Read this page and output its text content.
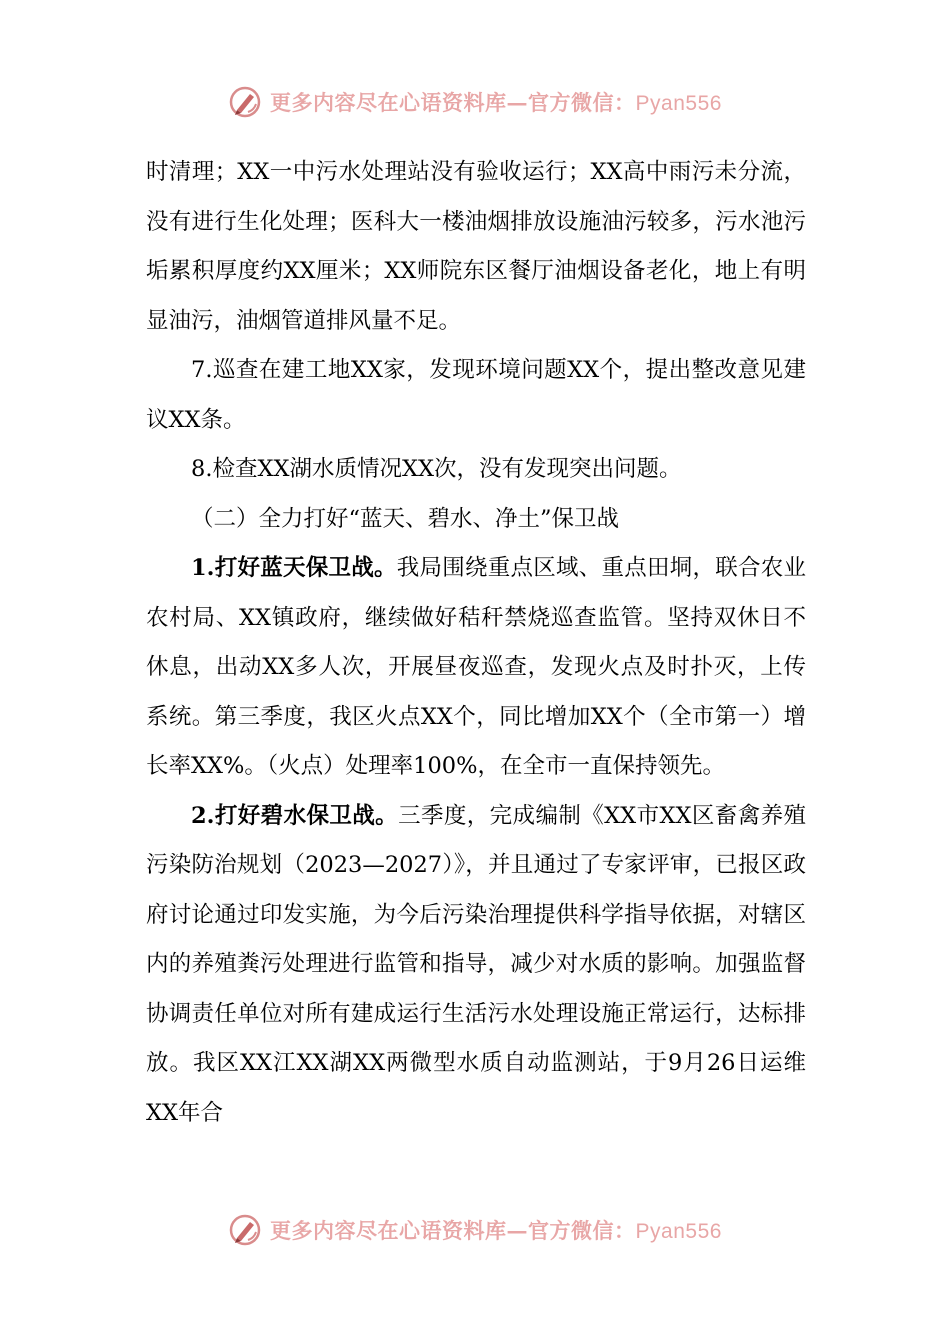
更多内容尽在心语资料库—官方微信：Pyan556

时清理；XX一中污水处理站没有验收运行；XX高中雨污未分流，没有进行生化处理；医科大一楼油烟排放设施油污较多，污水池污垢累积厚度约XX厘米；XX师院东区餐厅油烟设备老化，地上有明显油污，油烟管道排风量不足。

7.巡查在建工地XX家，发现环境问题XX个，提出整改意见建议XX条。

8.检查XX湖水质情况XX次，没有发现突出问题。

（二）全力打好“蓝天、碧水、净土”保卫战

1.打好蓝天保卫战。我局围绕重点区域、重点田垌，联合农业农村局、XX镇政府，继续做好秸秆禁烧巡查监管。坚持双休日不休息，出动XX多人次，开展昼夜巡查，发现火点及时扑灭，上传系统。第三季度，我区火点XX个，同比增加XX个（全市第一）增长率XX%。（火点）处理率100%，在全市一直保持领先。

2.打好碧水保卫战。三季度，完成编制《XX市XX区畜禽养殖污染防治规划（2023—2027）》，并且通过了专家评审，已报区政府讨论通过印发实施，为今后污染治理提供科学指导依据，对辖区内的养殖粪污处理进行监管和指导，减少对水质的影响。加强监督协调责任单位对所有建成运行生活污水处理设施正常运行，达标排放。我区XX江XX湖XX两微型水质自动监测站，于9月26日运维XX年合

更多内容尽在心语资料库—官方微信：Pyan556
